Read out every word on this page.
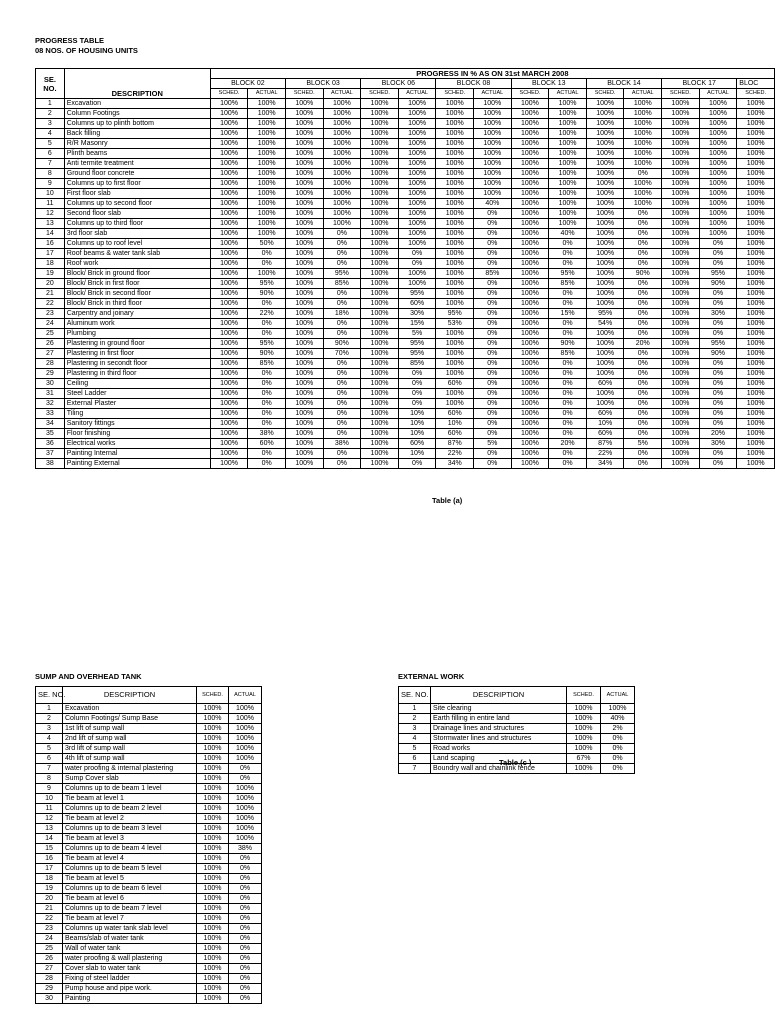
PROGRESS TABLE
08 NOS. OF HOUSING UNITS
SE.
NO.	DESCRIPTION	PROGRESS IN % AS ON 31st MARCH 2008														
		BLOCK 02		BLOCK 03		BLOCK 06		BLOCK 08		BLOCK 13		BLOCK 14		BLOCK 17		BLOC
		SCHED.	ACTUAL	SCHED.	ACTUAL	SCHED.	ACTUAL	SCHED.	ACTUAL	SCHED.	ACTUAL	SCHED.	ACTUAL	SCHED.	ACTUAL	SCHED.
1	Excavation	100%	100%	100%	100%	100%	100%	100%	100%	100%	100%	100%	100%	100%	100%	100%
2	Column Footings	100%	100%	100%	100%	100%	100%	100%	100%	100%	100%	100%	100%	100%	100%	100%
3	Columns up to plinth bottom	100%	100%	100%	100%	100%	100%	100%	100%	100%	100%	100%	100%	100%	100%	100%
4	Back filling	100%	100%	100%	100%	100%	100%	100%	100%	100%	100%	100%	100%	100%	100%	100%
5	R/R Masonry	100%	100%	100%	100%	100%	100%	100%	100%	100%	100%	100%	100%	100%	100%	100%
6	Plinth beams	100%	100%	100%	100%	100%	100%	100%	100%	100%	100%	100%	100%	100%	100%	100%
7	Anti termite treatment	100%	100%	100%	100%	100%	100%	100%	100%	100%	100%	100%	100%	100%	100%	100%
8	Ground floor concrete	100%	100%	100%	100%	100%	100%	100%	100%	100%	100%	100%	0%	100%	100%	100%
9	Columns up to first floor	100%	100%	100%	100%	100%	100%	100%	100%	100%	100%	100%	100%	100%	100%	100%
10	First floor slab	100%	100%	100%	100%	100%	100%	100%	100%	100%	100%	100%	100%	100%	100%	100%
11	Columns up to second floor	100%	100%	100%	100%	100%	100%	100%	40%	100%	100%	100%	100%	100%	100%	100%
12	Second floor slab	100%	100%	100%	100%	100%	100%	100%	0%	100%	100%	100%	0%	100%	100%	100%
13	Columns up to third floor	100%	100%	100%	100%	100%	100%	100%	0%	100%	100%	100%	0%	100%	100%	100%
14	3rd floor slab	100%	100%	100%	0%	100%	100%	100%	0%	100%	40%	100%	0%	100%	100%	100%
16	Columns up to roof level	100%	50%	100%	0%	100%	100%	100%	0%	100%	0%	100%	0%	100%	0%	100%
17	Roof beams & water tank slab	100%	0%	100%	0%	100%	0%	100%	0%	100%	0%	100%	0%	100%	0%	100%
18	Roof work	100%	0%	100%	0%	100%	0%	100%	0%	100%	0%	100%	0%	100%	0%	100%
19	Block/ Brick in ground floor	100%	100%	100%	95%	100%	100%	100%	85%	100%	95%	100%	90%	100%	95%	100%
20	Block/ Brick in first floor	100%	95%	100%	85%	100%	100%	100%	0%	100%	85%	100%	0%	100%	90%	100%
21	Block/ Brick in second floor	100%	90%	100%	0%	100%	95%	100%	0%	100%	0%	100%	0%	100%	0%	100%
22	Block/ Brick in third floor	100%	0%	100%	0%	100%	60%	100%	0%	100%	0%	100%	0%	100%	0%	100%
23	Carpentry and joinary	100%	22%	100%	18%	100%	30%	95%	0%	100%	15%	95%	0%	100%	30%	100%
24	Aluminum work	100%	0%	100%	0%	100%	15%	53%	0%	100%	0%	54%	0%	100%	0%	100%
25	Plumbing	100%	0%	100%	0%	100%	5%	100%	0%	100%	0%	100%	0%	100%	0%	100%
26	Plastering in ground floor	100%	95%	100%	90%	100%	95%	100%	0%	100%	90%	100%	20%	100%	95%	100%
27	Plastering in first floor	100%	90%	100%	70%	100%	95%	100%	0%	100%	85%	100%	0%	100%	90%	100%
28	Plastering in secondt floor	100%	85%	100%	0%	100%	85%	100%	0%	100%	0%	100%	0%	100%	0%	100%
29	Plastering in third floor	100%	0%	100%	0%	100%	0%	100%	0%	100%	0%	100%	0%	100%	0%	100%
30	Ceiling	100%	0%	100%	0%	100%	0%	60%	0%	100%	0%	60%	0%	100%	0%	100%
31	Steel Ladder	100%	0%	100%	0%	100%	0%	100%	0%	100%	0%	100%	0%	100%	0%	100%
32	External Plaster	100%	0%	100%	0%	100%	0%	100%	0%	100%	0%	100%	0%	100%	0%	100%
33	Tiling	100%	0%	100%	0%	100%	10%	60%	0%	100%	0%	60%	0%	100%	0%	100%
34	Sanitory fittings	100%	0%	100%	0%	100%	10%	10%	0%	100%	0%	10%	0%	100%	0%	100%
35	Floor finishing	100%	38%	100%	0%	100%	10%	60%	0%	100%	0%	60%	0%	100%	20%	100%
36	Electrical works	100%	60%	100%	38%	100%	60%	87%	5%	100%	20%	87%	5%	100%	30%	100%
37	Painting Internal	100%	0%	100%	0%	100%	10%	22%	0%	100%	0%	22%	0%	100%	0%	100%
38	Painting External	100%	0%	100%	0%	100%	0%	34%	0%	100%	0%	34%	0%	100%	0%	100%
Table (a)
SUMP AND OVERHEAD TANK
SE. NO.	DESCRIPTION	SCHED.	ACTUAL
1	Excavation	100%	100%
2	Column Footings/ Sump Base	100%	100%
3	1st lift of sump wall	100%	100%
4	2nd lift of sump wall	100%	100%
5	3rd lift of sump wall	100%	100%
6	4th lift of sump wall	100%	100%
7	water proofing & internal plastering	100%	0%
8	Sump Cover slab	100%	0%
9	Columns up to de beam 1 level	100%	100%
10	Tie beam at level 1	100%	100%
11	Columns up to de beam 2 level	100%	100%
12	Tie beam at level 2	100%	100%
13	Columns up to de beam 3 level	100%	100%
14	Tie beam at level 3	100%	100%
15	Columns up to de beam 4 level	100%	38%
16	Tie beam at level 4	100%	0%
17	Columns up to de beam 5 level	100%	0%
18	Tie beam at level 5	100%	0%
19	Columns up to de beam 6 level	100%	0%
20	Tie beam at level 6	100%	0%
21	Columns up to de beam 7 level	100%	0%
22	Tie beam at level 7	100%	0%
23	Columns up water tank slab level	100%	0%
24	Beams/slab of water tank	100%	0%
25	Wall of water tank	100%	0%
26	water proofing & wall plastering	100%	0%
27	Cover slab to water tank	100%	0%
28	Fixing of steel ladder	100%	0%
29	Pump house and pipe work.	100%	0%
30	Painting	100%	0%
EXTERNAL WORK
SE. NO.	DESCRIPTION	SCHED.	ACTUAL
1	Site clearing	100%	100%
2	Earth filling in entire land	100%	40%
3	Drainage lines and structures	100%	2%
4	Stormwater lines and structures	100%	0%
5	Road works	100%	0%
6	Land scaping	67%	0%
7	Boundry wall and chainlink fence	100%	0%
Table (c )
